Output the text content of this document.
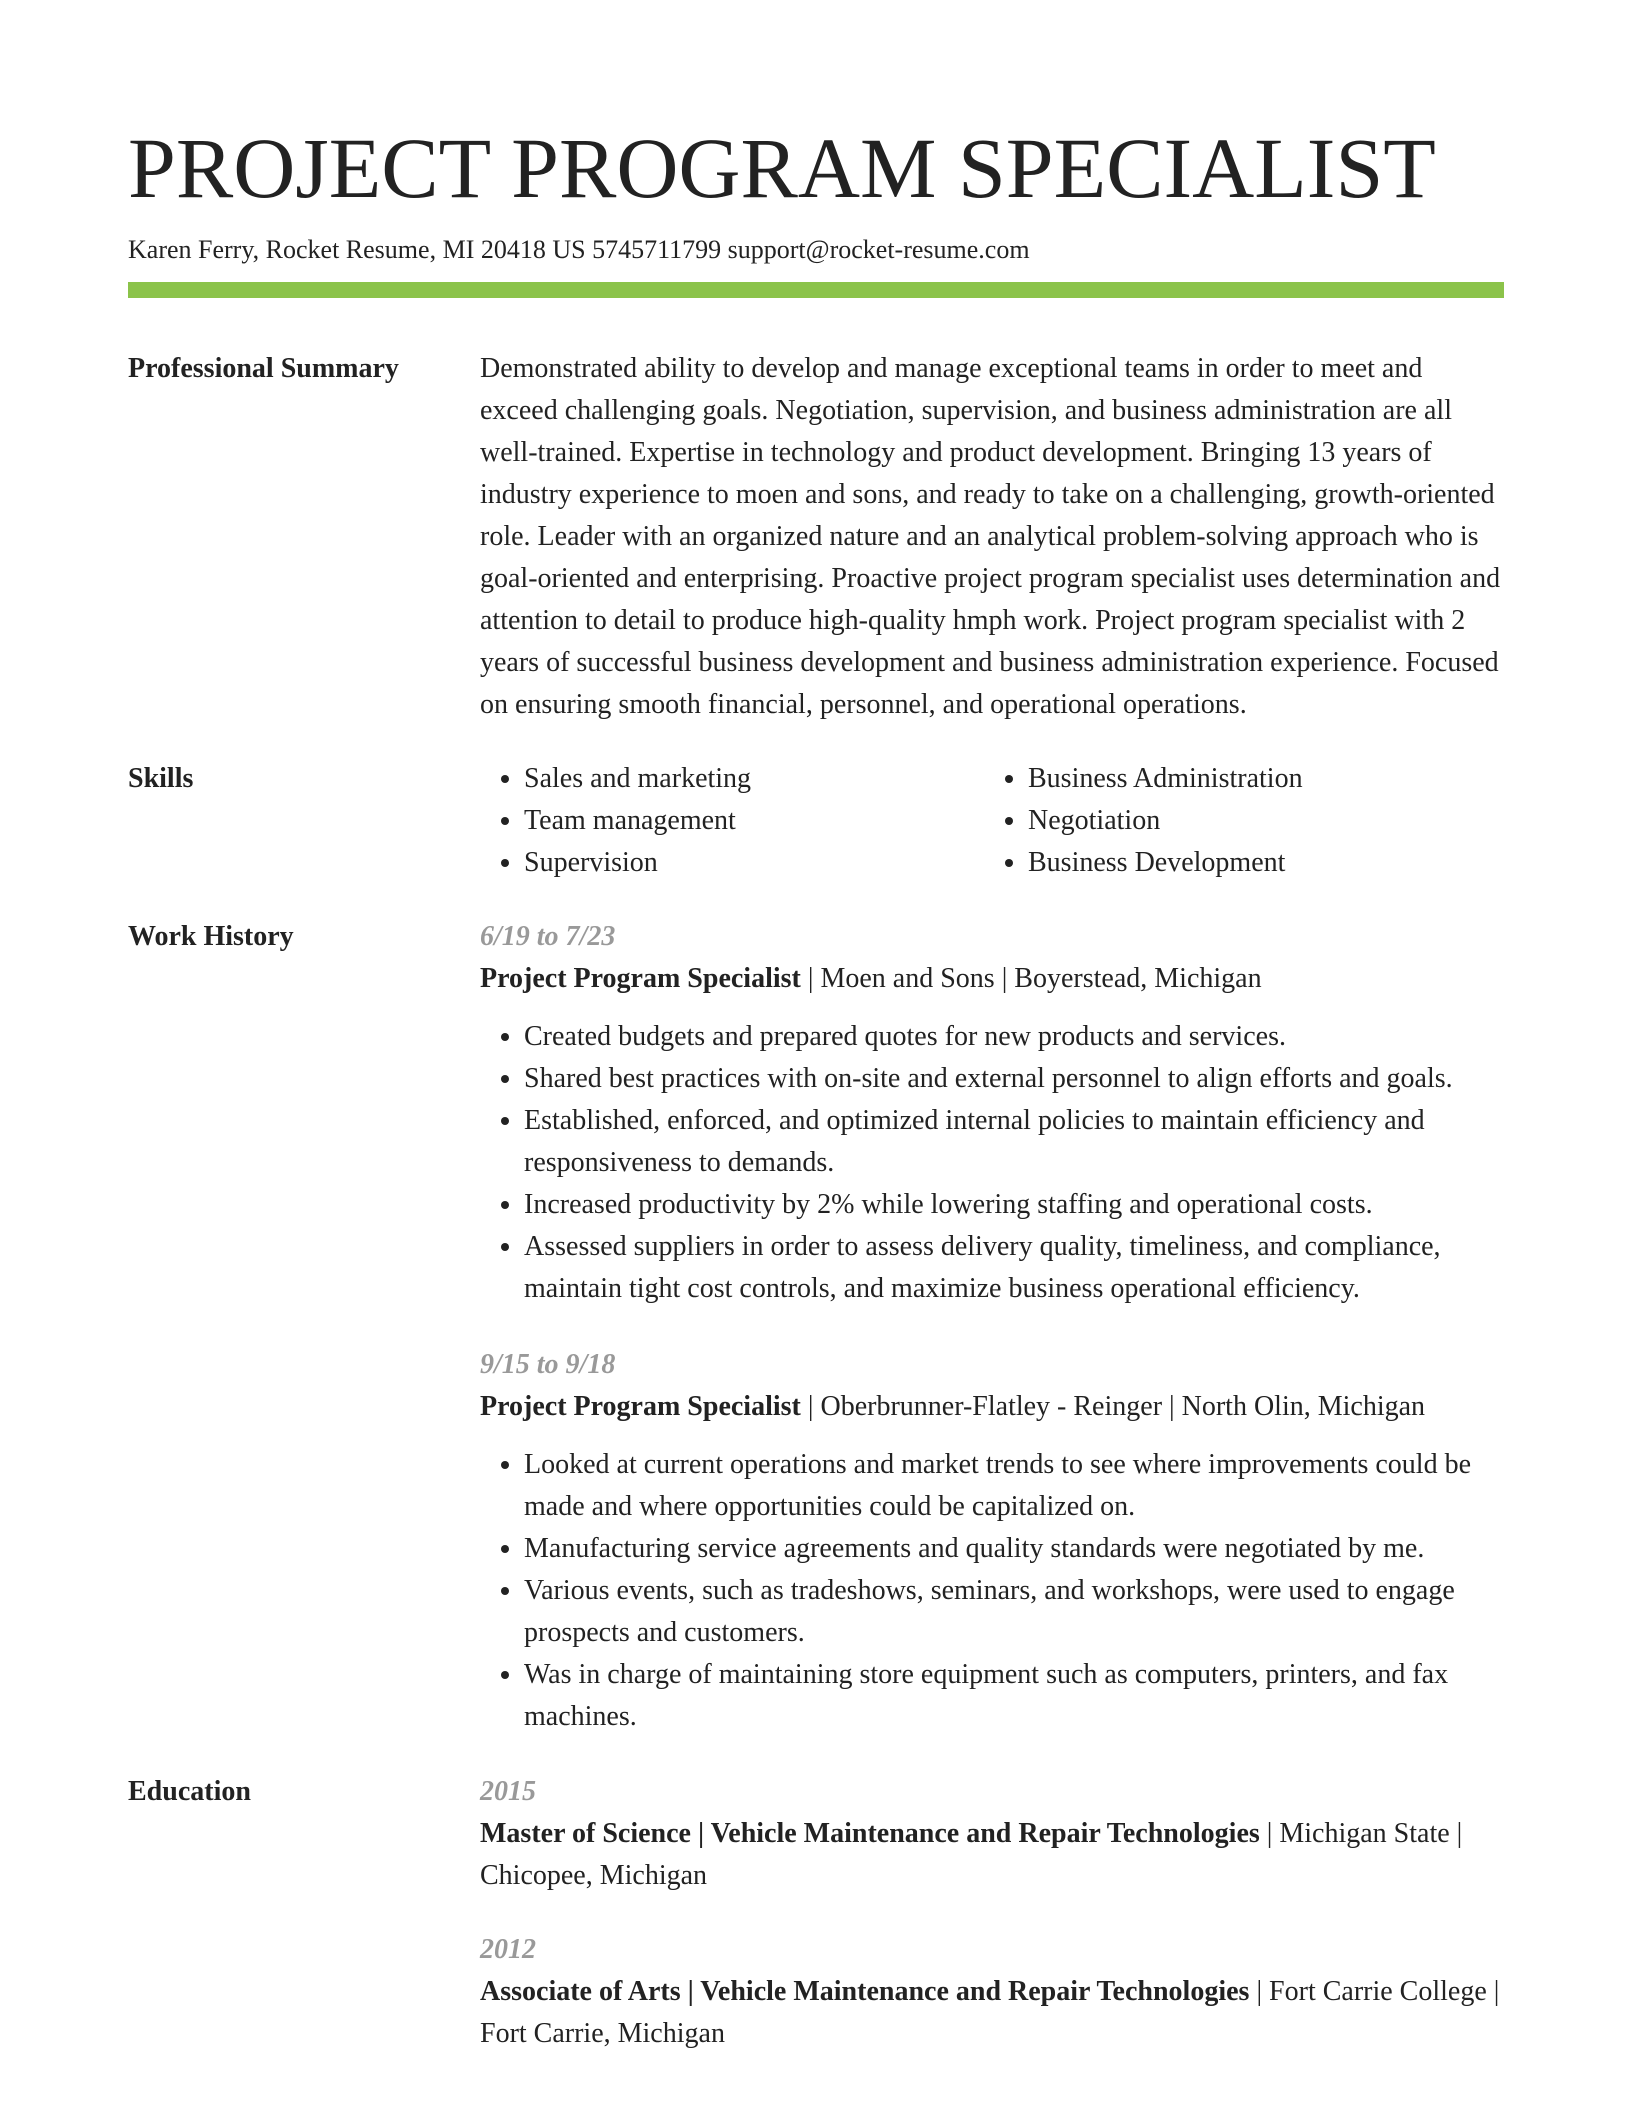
PROJECT PROGRAM SPECIALIST
Karen Ferry, Rocket Resume, MI 20418 US 5745711799 support@rocket-resume.com
Professional Summary	Demonstrated ability to develop and manage exceptional teams in order to meet and exceed challenging goals. Negotiation, supervision, and business administration are all well-trained. Expertise in technology and product development. Bringing 13 years of industry experience to moen and sons, and ready to take on a challenging, growth-oriented role. Leader with an organized nature and an analytical problem-solving approach who is goal-oriented and enterprising. Proactive project program specialist uses determination and attention to detail to produce high-quality hmph work. Project program specialist with 2 years of successful business development and business administration experience. Focused on ensuring smooth financial, personnel, and operational operations.
Skills
•	Sales and marketing
• Team management
• Supervision
• Business Administration
• Negotiation
• Business Development
Work History	6/19 to 7/23
Project Program Specialist | Moen and Sons | Boyerstead, Michigan
• Created budgets and prepared quotes for new products and services.
• Shared best practices with on-site and external personnel to align efforts and goals.
• Established, enforced, and optimized internal policies to maintain efficiency and responsiveness to demands.
• Increased productivity by 2% while lowering staffing and operational costs.
• Assessed suppliers in order to assess delivery quality, timeliness, and compliance, maintain tight cost controls, and maximize business operational efficiency.
9/15 to 9/18
Project Program Specialist | Oberbrunner-Flatley - Reinger | North Olin, Michigan
• Looked at current operations and market trends to see where improvements could be made and where opportunities could be capitalized on.
• Manufacturing service agreements and quality standards were negotiated by me.
• Various events, such as tradeshows, seminars, and workshops, were used to engage prospects and customers.
• Was in charge of maintaining store equipment such as computers, printers, and fax machines.
Education	2015
Master of Science | Vehicle Maintenance and Repair Technologies | Michigan State | Chicopee, Michigan
2012
Associate of Arts | Vehicle Maintenance and Repair Technologies | Fort Carrie College | Fort Carrie, Michigan
